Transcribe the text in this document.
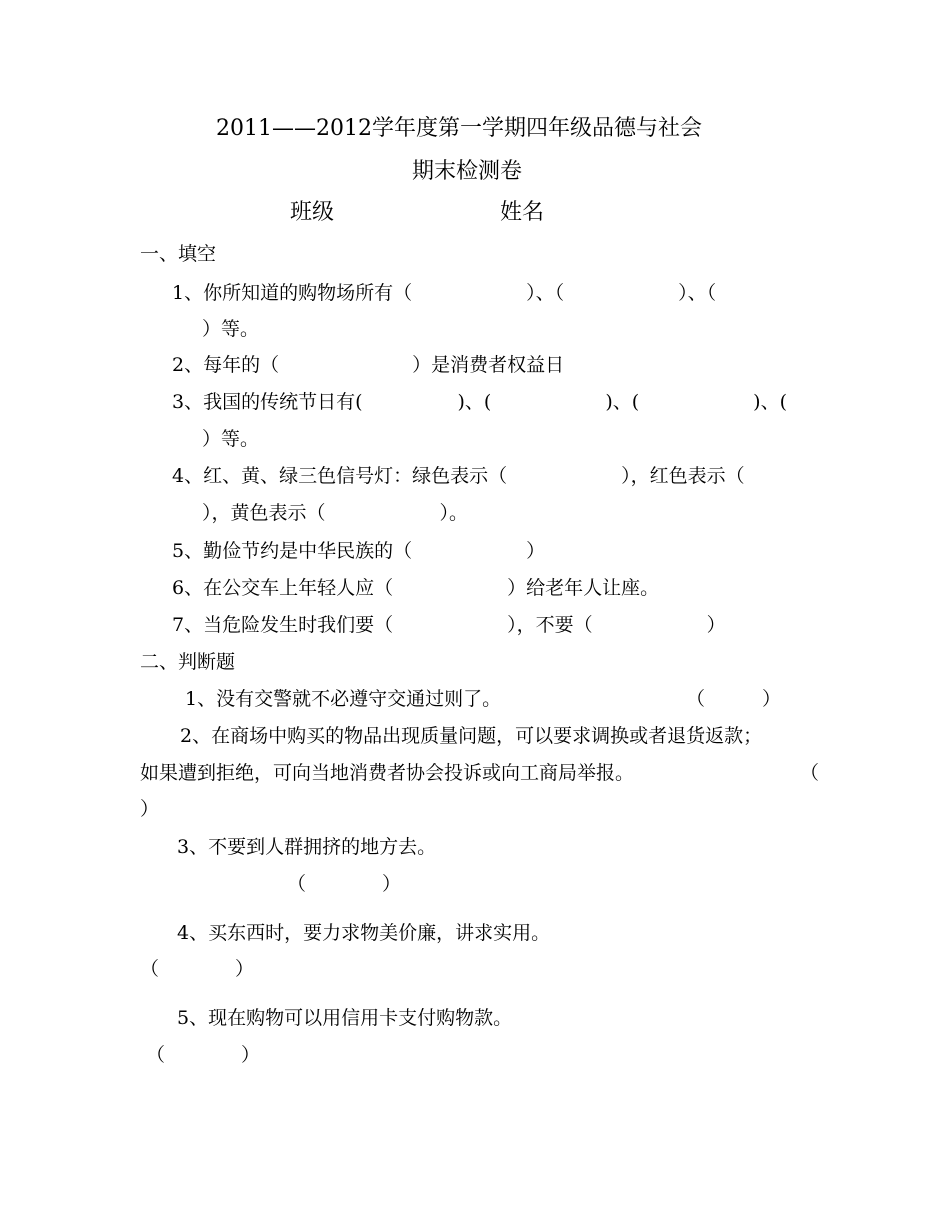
2011——2012学年度第一学期四年级品德与社会
期末检测卷
班级	姓名
一、填空
1、你所知道的购物场所有（　　　　　　）、（　　　　　　）、（
）等。
2、每年的（　　　　　　　）是消费者权益日
3、我国的传统节日有(　　　　　)、(　　　　　　)、(　　　　　　)、(
）等。
4、红、黄、绿三色信号灯：绿色表示（　　　　　　），红色表示（
），黄色表示（　　　　　　）。
5、勤俭节约是中华民族的（　　　　　　）
6、在公交车上年轻人应（　　　　　　）给老年人让座。
7、当危险发生时我们要（　　　　　　），不要（　　　　　　）
二、判断题
1、没有交警就不必遵守交通过则了。	（　　　）
2、在商场中购买的物品出现质量问题，可以要求调换或者退货返款；
如果遭到拒绝，可向当地消费者协会投诉或向工商局举报。	（
）
3、不要到人群拥挤的地方去。
（　　　　）
4、买东西时，要力求物美价廉，讲求实用。
（　　　　）
5、现在购物可以用信用卡支付购物款。
（　　　　）
